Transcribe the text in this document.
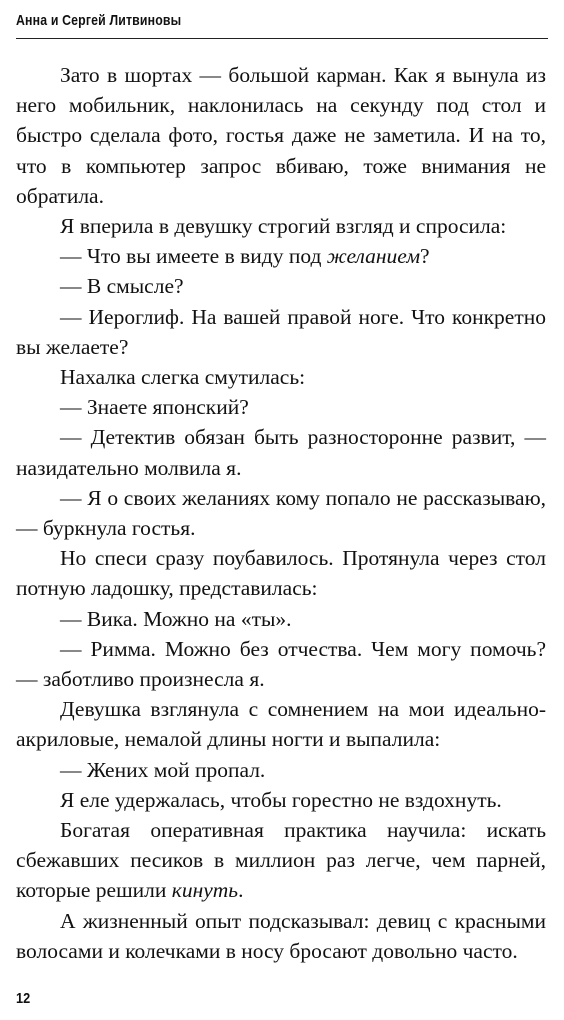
Анна и Сергей Литвиновы

Зато в шортах — большой карман. Как я вынула из него мобильник, наклонилась на секунду под стол и быстро сделала фото, гостья даже не заметила. И на то, что в компьютер запрос вбиваю, тоже внимания не обратила.

Я вперила в девушку строгий взгляд и спросила:

— Что вы имеете в виду под желанием?

— В смысле?

— Иероглиф. На вашей правой ноге. Что конкретно вы желаете?

Нахалка слегка смутилась:

— Знаете японский?

— Детектив обязан быть разносторонне развит, — назидательно молвила я.

— Я о своих желаниях кому попало не рассказываю, — буркнула гостья.

Но спеси сразу поубавилось. Протянула через стол потную ладошку, представилась:

— Вика. Можно на «ты».

— Римма. Можно без отчества. Чем могу помочь? — заботливо произнесла я.

Девушка взглянула с сомнением на мои идеально-акриловые, немалой длины ногти и выпалила:

— Жених мой пропал.

Я еле удержалась, чтобы горестно не вздохнуть.

Богатая оперативная практика научила: искать сбежавших песиков в миллион раз легче, чем парней, которые решили кинуть.

А жизненный опыт подсказывал: девиц с красными волосами и колечками в носу бросают довольно часто.

12
